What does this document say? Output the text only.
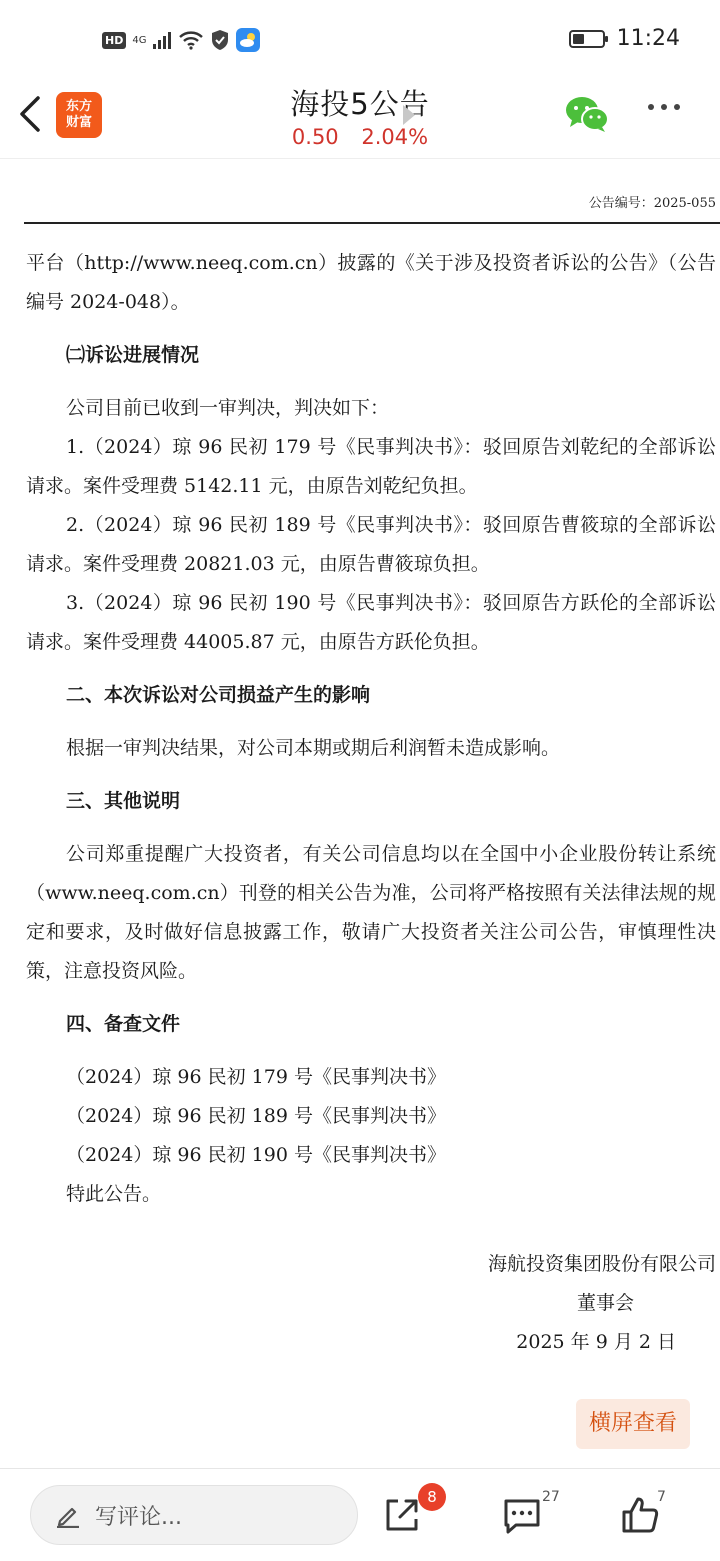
HD 4G	11:24
海投5公告
0.50 2.04%
东方
财富
公告编号：2025-055

平台（http://www.neeq.com.cn）披露的《关于涉及投资者诉讼的公告》（公告编号 2024-048）。

㈡诉讼进展情况

公司目前已收到一审判决，判决如下：

1.（2024）琼 96 民初 179 号《民事判决书》：驳回原告刘乾纪的全部诉讼请求。案件受理费 5142.11 元，由原告刘乾纪负担。

2.（2024）琼 96 民初 189 号《民事判决书》：驳回原告曹筱琼的全部诉讼请求。案件受理费 20821.03 元，由原告曹筱琼负担。

3.（2024）琼 96 民初 190 号《民事判决书》：驳回原告方跃伦的全部诉讼请求。案件受理费 44005.87 元，由原告方跃伦负担。

二、本次诉讼对公司损益产生的影响

根据一审判决结果，对公司本期或期后利润暂未造成影响。

三、其他说明

公司郑重提醒广大投资者，有关公司信息均以在全国中小企业股份转让系统（www.neeq.com.cn）刊登的相关公告为准，公司将严格按照有关法律法规的规定和要求，及时做好信息披露工作，敬请广大投资者关注公司公告，审慎理性决策，注意投资风险。

四、备查文件

（2024）琼 96 民初 179 号《民事判决书》

（2024）琼 96 民初 189 号《民事判决书》

（2024）琼 96 民初 190 号《民事判决书》

特此公告。

海航投资集团股份有限公司
董事会
2025 年 9 月 2 日
横屏查看
写评论...
8	27	7
